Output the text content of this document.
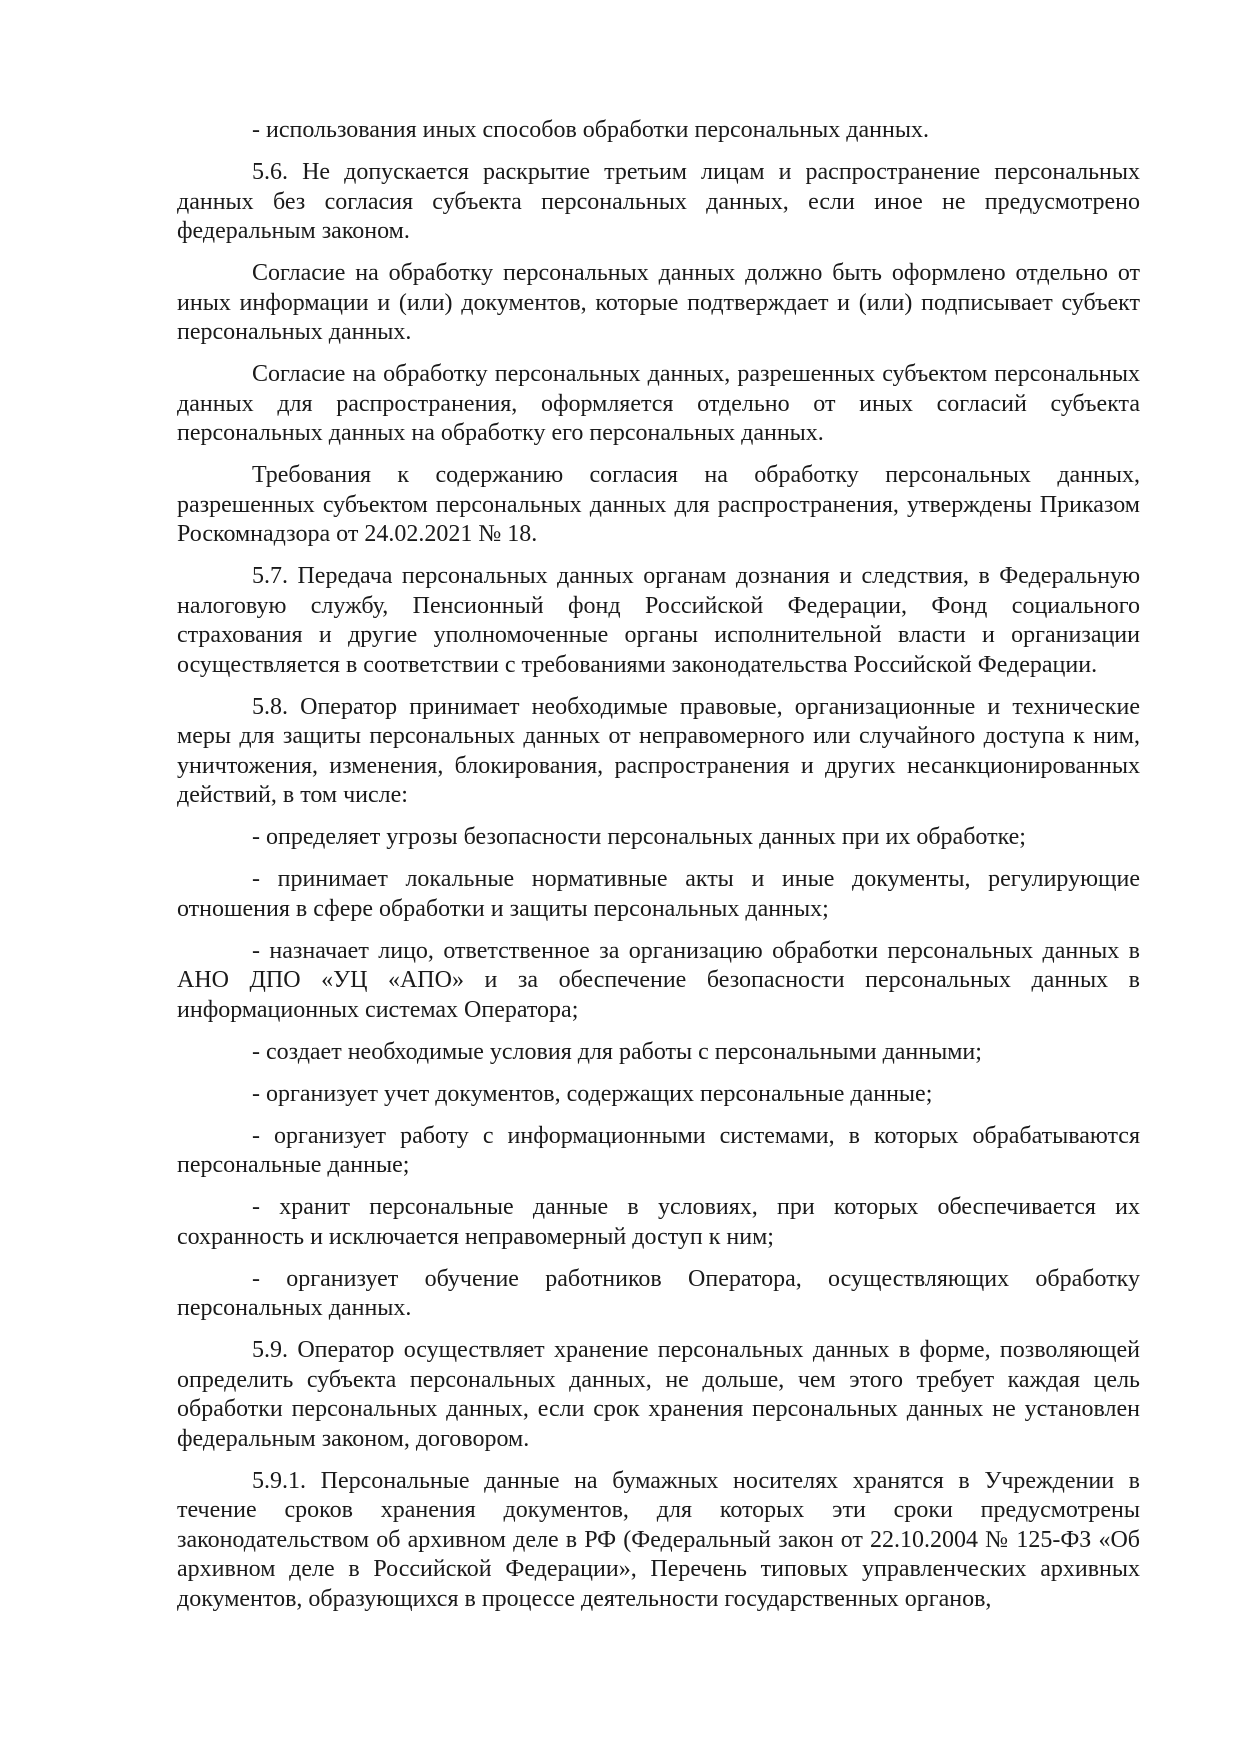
- использования иных способов обработки персональных данных.

5.6. Не допускается раскрытие третьим лицам и распространение персональных данных без согласия субъекта персональных данных, если иное не предусмотрено федеральным законом.

Согласие на обработку персональных данных должно быть оформлено отдельно от иных информации и (или) документов, которые подтверждает и (или) подписывает субъект персональных данных.

Согласие на обработку персональных данных, разрешенных субъектом персональных данных для распространения, оформляется отдельно от иных согласий субъекта персональных данных на обработку его персональных данных.

Требования к содержанию согласия на обработку персональных данных, разрешенных субъектом персональных данных для распространения, утверждены Приказом Роскомнадзора от 24.02.2021 № 18.

5.7. Передача персональных данных органам дознания и следствия, в Федеральную налоговую службу, Пенсионный фонд Российской Федерации, Фонд социального страхования и другие уполномоченные органы исполнительной власти и организации осуществляется в соответствии с требованиями законодательства Российской Федерации.

5.8. Оператор принимает необходимые правовые, организационные и технические меры для защиты персональных данных от неправомерного или случайного доступа к ним, уничтожения, изменения, блокирования, распространения и других несанкционированных действий, в том числе:

- определяет угрозы безопасности персональных данных при их обработке;

- принимает локальные нормативные акты и иные документы, регулирующие отношения в сфере обработки и защиты персональных данных;

- назначает лицо, ответственное за организацию обработки персональных данных в АНО ДПО «УЦ «АПО» и за обеспечение безопасности персональных данных в информационных системах Оператора;

- создает необходимые условия для работы с персональными данными;

- организует учет документов, содержащих персональные данные;

- организует работу с информационными системами, в которых обрабатываются персональные данные;

- хранит персональные данные в условиях, при которых обеспечивается их сохранность и исключается неправомерный доступ к ним;

- организует обучение работников Оператора, осуществляющих обработку персональных данных.

5.9. Оператор осуществляет хранение персональных данных в форме, позволяющей определить субъекта персональных данных, не дольше, чем этого требует каждая цель обработки персональных данных, если срок хранения персональных данных не установлен федеральным законом, договором.

5.9.1. Персональные данные на бумажных носителях хранятся в Учреждении в течение сроков хранения документов, для которых эти сроки предусмотрены законодательством об архивном деле в РФ (Федеральный закон от 22.10.2004 № 125-ФЗ «Об архивном деле в Российской Федерации», Перечень типовых управленческих архивных документов, образующихся в процессе деятельности государственных органов,
